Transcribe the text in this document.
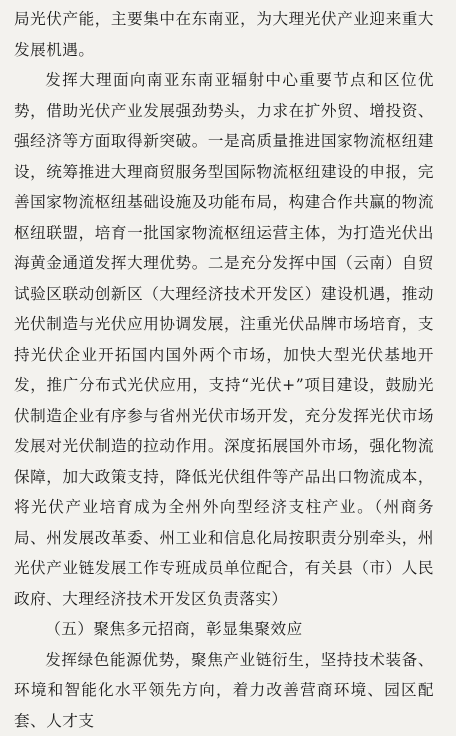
局光伏产能，主要集中在东南亚，为大理光伏产业迎来重大发展机遇。

发挥大理面向南亚东南亚辐射中心重要节点和区位优势，借助光伏产业发展强劲势头，力求在扩外贸、增投资、强经济等方面取得新突破。一是高质量推进国家物流枢纽建设，统筹推进大理商贸服务型国际物流枢纽建设的申报，完善国家物流枢纽基础设施及功能布局，构建合作共赢的物流枢纽联盟，培育一批国家物流枢纽运营主体，为打造光伏出海黄金通道发挥大理优势。二是充分发挥中国（云南）自贸试验区联动创新区（大理经济技术开发区）建设机遇，推动光伏制造与光伏应用协调发展，注重光伏品牌市场培育，支持光伏企业开拓国内国外两个市场，加快大型光伏基地开发，推广分布式光伏应用，支持“光伏+”项目建设，鼓励光伏制造企业有序参与省州光伏市场开发，充分发挥光伏市场发展对光伏制造的拉动作用。深度拓展国外市场，强化物流保障，加大政策支持，降低光伏组件等产品出口物流成本，将光伏产业培育成为全州外向型经济支柱产业。（州商务局、州发展改革委、州工业和信息化局按职责分别牵头，州光伏产业链发展工作专班成员单位配合，有关县（市）人民政府、大理经济技术开发区负责落实）

（五）聚焦多元招商，彰显集聚效应

发挥绿色能源优势，聚焦产业链衍生，坚持技术装备、环境和智能化水平领先方向，着力改善营商环境、园区配套、人才支
